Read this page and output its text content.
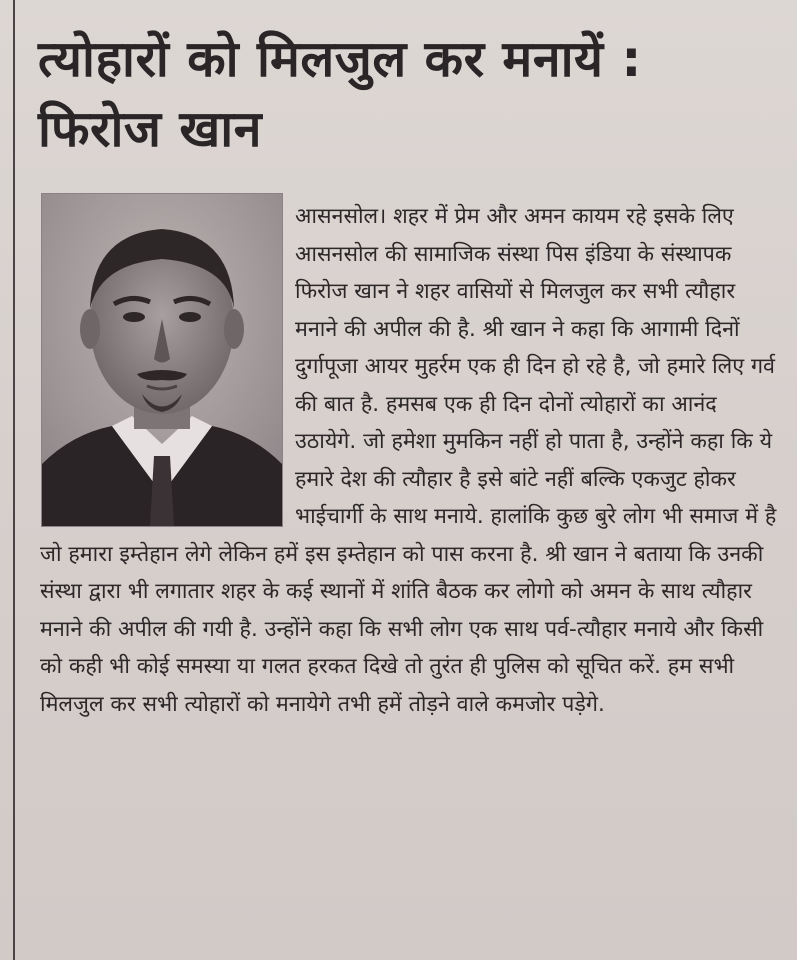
त्योहारों को मिलजुल कर मनायें : फिरोज खान

आसनसोल। शहर में प्रेम और अमन कायम रहे इसके लिए आसनसोल की सामाजिक संस्था पिस इंडिया के संस्थापक फिरोज खान ने शहर वासियों से मिलजुल कर सभी त्यौहार मनाने की अपील की है. श्री खान ने कहा कि आगामी दिनों दुर्गापूजा आयर मुहर्रम एक ही दिन हो रहे है, जो हमारे लिए गर्व की बात है. हमसब एक ही दिन दोनों त्योहारों का आनंद उठायेगे. जो हमेशा मुमकिन नहीं हो पाता है, उन्होंने कहा कि ये हमारे देश की त्यौहार है इसे बांटे नहीं बल्कि एकजुट होकर भाईचार्गी के साथ मनाये. हालांकि कुछ बुरे लोग भी समाज में है जो हमारा इम्तेहान लेगे लेकिन हमें इस इम्तेहान को पास करना है. श्री खान ने बताया कि उनकी संस्था द्वारा भी लगातार शहर के कई स्थानों में शांति बैठक कर लोगो को अमन के साथ त्यौहार मनाने की अपील की गयी है. उन्होंने कहा कि सभी लोग एक साथ पर्व-त्यौहार मनाये और किसी को कही भी कोई समस्या या गलत हरकत दिखे तो तुरंत ही पुलिस को सूचित करें. हम सभी मिलजुल कर सभी त्योहारों को मनायेगे तभी हमें तोड़ने वाले कमजोर पड़ेगे.
